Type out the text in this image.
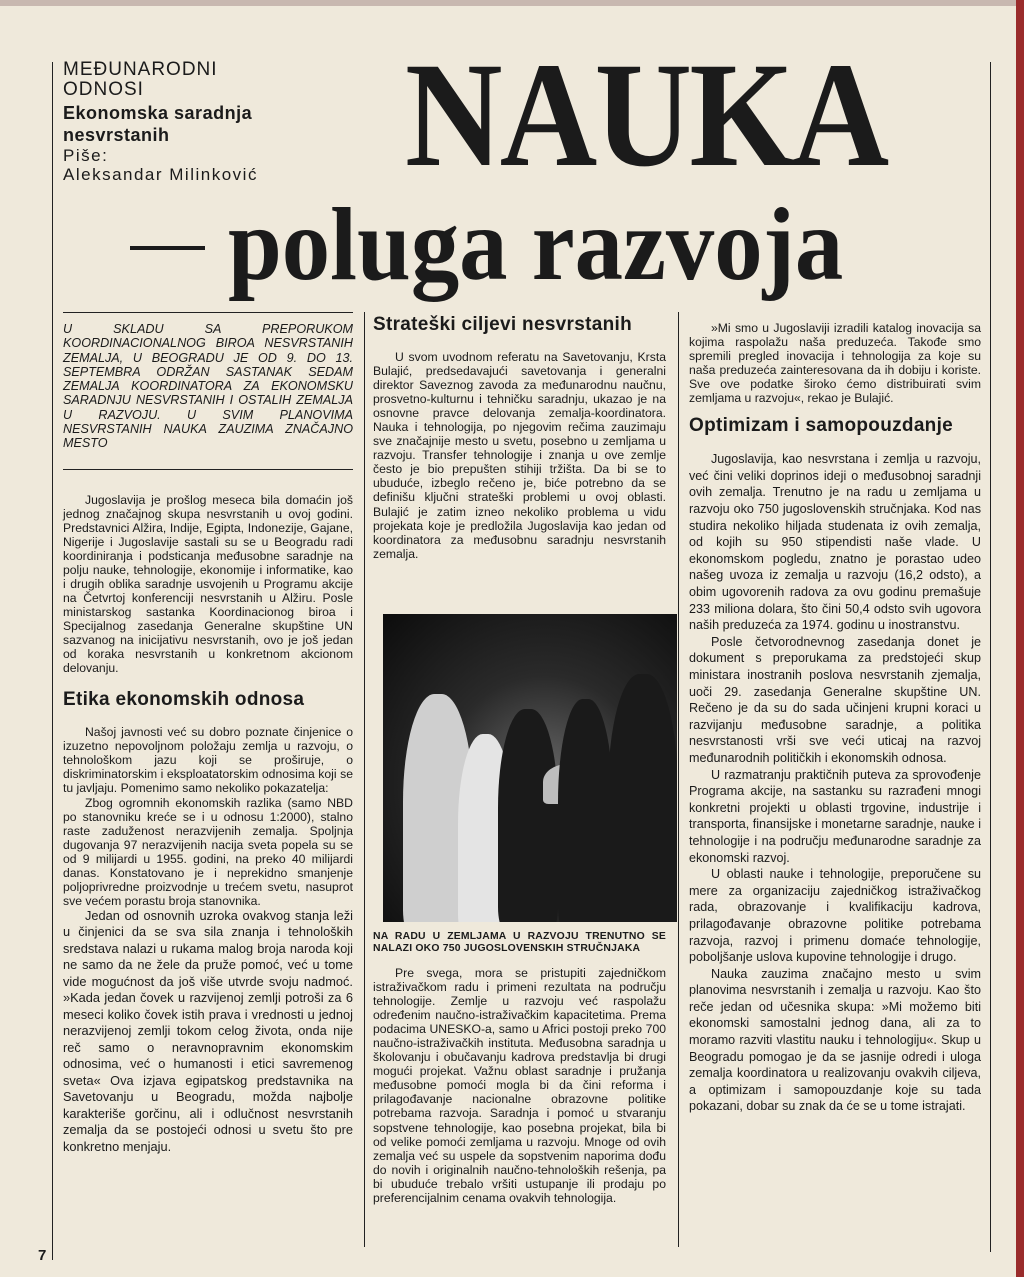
MEĐUNARODNI
ODNOSI
Ekonomska saradnja
nesvrstanih
Piše:
Aleksandar Milinković NAUKA
poluga razvoja
U SKLADU SA PREPORUKOM KOORDINACIONALNOG BIROA NESVRSTANIH ZEMALJA, U BEOGRADU JE OD 9. DO 13. SEPTEMBRA ODRŽAN SASTANAK SEDAM ZEMALJA KOORDINATORA ZA EKONOMSKU SARADNJU NESVRSTANIH I OSTALIH ZEMALJA U RAZVOJU. U SVIM PLANOVIMA NESVRSTANIH NAUKA ZAUZIMA ZNAČAJNO MESTO

Jugoslavija je prošlog meseca bila domaćin još jednog značajnog skupa nesvrstanih u ovoj godini. Predstavnici Alžira, Indije, Egipta, Indonezije, Gajane, Nigerije i Jugoslavije sastali su se u Beogradu radi koordiniranja i podsticanja međusobne saradnje na polju nauke, tehnologije, ekonomije i informatike, kao i drugih oblika saradnje usvojenih u Programu akcije na Četvrtoj konferenciji nesvrstanih u Alžiru. Posle ministarskog sastanka Koordinacionog biroa i Specijalnog zasedanja Generalne skupštine UN sazvanog na inicijativu nesvrstanih, ovo je još jedan od koraka nesvrstanih u konkretnom akcionom delovanju.

Etika ekonomskih odnosa

Našoj javnosti već su dobro poznate činjenice o izuzetno nepovoljnom položaju zemlja u razvoju, o tehnološkom jazu koji se proširuje, o diskriminatorskim i eksploatatorskim odnosima koji se tu javljaju. Pomenimo samo nekoliko pokazatelja:

Zbog ogromnih ekonomskih razlika (samo NBD po stanovniku kreće se i u odnosu 1:2000), stalno raste zaduženost nerazvijenih zemalja. Spoljnja dugovanja 97 nerazvijenih nacija sveta popela su se od 9 milijardi u 1955. godini, na preko 40 milijardi danas. Konstatovano je i neprekidno smanjenje poljoprivredne proizvodnje u trećem svetu, nasuprot sve većem porastu broja stanovnika.

Jedan od osnovnih uzroka ovakvog stanja leži u činjenici da se sva sila znanja i tehnoloških sredstava nalazi u rukama malog broja naroda koji ne samo da ne žele da pruže pomoć, već u tome vide mogućnost da još više utvrde svoju nadmoć. »Kada jedan čovek u razvijenoj zemlji potroši za 6 meseci koliko čovek istih prava i vrednosti u jednoj nerazvijenoj zemlji tokom celog života, onda nije reč samo o neravnopravnim ekonomskim odnosima, već o humanosti i etici savremenog sveta« Ova izjava egipatskog predstavnika na Savetovanju u Beogradu, možda najbolje karakteriše gorčinu, ali i odlučnost nesvrstanih zemalja da se postojeći odnosi u svetu što pre konkretno menjaju.

Strateški ciljevi nesvrstanih

U svom uvodnom referatu na Savetovanju, Krsta Bulajić, predsedavajući savetovanja i generalni direktor Saveznog zavoda za međunarodnu naučnu, prosvetno-kulturnu i tehničku saradnju, ukazao je na osnovne pravce delovanja zemalja-koordinatora. Nauka i tehnologija, po njegovim rečima zauzimaju sve značajnije mesto u svetu, posebno u zemljama u razvoju. Transfer tehnologije i znanja u ove zemlje često je bio prepušten stihiji tržišta. Da bi se to ubuduće, izbeglo rečeno je, biće potrebno da se definišu ključni strateški problemi u ovoj oblasti. Bulajić je zatim izneo nekoliko problema u vidu projekata koje je predložila Jugoslavija kao jedan od koordinatora za međusobnu saradnju nesvrstanih zemalja.

NA RADU U ZEMLJAMA U RAZVOJU TRENUTNO SE NALAZI OKO 750 JUGOSLOVENSKIH STRUČNJAKA

Pre svega, mora se pristupiti zajedničkom istraživačkom radu i primeni rezultata na području tehnologije. Zemlje u razvoju već raspolažu određenim naučno-istraživačkim kapacitetima. Prema podacima UNESKO-a, samo u Africi postoji preko 700 naučno-istraživačkih instituta. Međusobna saradnja u školovanju i obučavanju kadrova predstavlja bi drugi mogući projekat. Važnu oblast saradnje i pružanja međusobne pomoći mogla bi da čini reforma i prilagođavanje nacionalne obrazovne politike potrebama razvoja. Saradnja i pomoć u stvaranju sopstvene tehnologije, kao posebna projekat, bila bi od velike pomoći zemljama u razvoju. Mnoge od ovih zemalja već su uspele da sopstvenim naporima dođu do novih i originalnih naučno-tehnoloških rešenja, pa bi ubuduće trebalo vršiti ustupanje ili prodaju po preferencijalnim cenama ovakvih tehnologija.

»Mi smo u Jugoslaviji izradili katalog inovacija sa kojima raspolažu naša preduzeća. Takođe smo spremili pregled inovacija i tehnologija za koje su naša preduzeća zainteresovana da ih dobiju i koriste. Sve ove podatke široko ćemo distribuirati svim zemljama u razvoju«, rekao je Bulajić.

Optimizam i samopouzdanje

Jugoslavija, kao nesvrstana i zemlja u razvoju, već čini veliki doprinos ideji o međusobnoj saradnji ovih zemalja. Trenutno je na radu u zemljama u razvoju oko 750 jugoslovenskih stručnjaka. Kod nas studira nekoliko hiljada studenata iz ovih zemalja, od kojih su 950 stipendisti naše vlade. U ekonomskom pogledu, znatno je porastao udeo našeg uvoza iz zemalja u razvoju (16,2 odsto), a obim ugovorenih radova za ovu godinu premašuje 233 miliona dolara, što čini 50,4 odsto svih ugovora naših preduzeća za 1974. godinu u inostranstvu.

Posle četvorodnevnog zasedanja donet je dokument s preporukama za predstojeći skup ministara inostranih poslova nesvrstanih zjemalja, uoči 29. zasedanja Generalne skupštine UN. Rečeno je da su do sada učinjeni krupni koraci u razvijanju međusobne saradnje, a politika nesvrstanosti vrši sve veći uticaj na razvoj međunarodnih političkih i ekonomskih odnosa.

U razmatranju praktičnih puteva za sprovođenje Programa akcije, na sastanku su razrađeni mnogi konkretni projekti u oblasti trgovine, industrije i transporta, finansijske i monetarne saradnje, nauke i tehnologije i na području međunarodne saradnje za ekonomski razvoj.

U oblasti nauke i tehnologije, preporučene su mere za organizaciju zajedničkog istraživačkog rada, obrazovanje i kvalifikaciju kadrova, prilagođavanje obrazovne politike potrebama razvoja, razvoj i primenu domaće tehnologije, poboljšanje uslova kupovine tehnologije i drugo.

Nauka zauzima značajno mesto u svim planovima nesvrstanih i zemalja u razvoju. Kao što reče jedan od učesnika skupa: »Mi možemo biti ekonomski samostalni jednog dana, ali za to moramo razviti vlastitu nauku i tehnologiju«. Skup u Beogradu pomogao je da se jasnije odredi i uloga zemalja koordinatora u realizovanju ovakvih ciljeva, a optimizam i samopouzdanje koje su tada pokazani, dobar su znak da će se u tome istrajati.

7
